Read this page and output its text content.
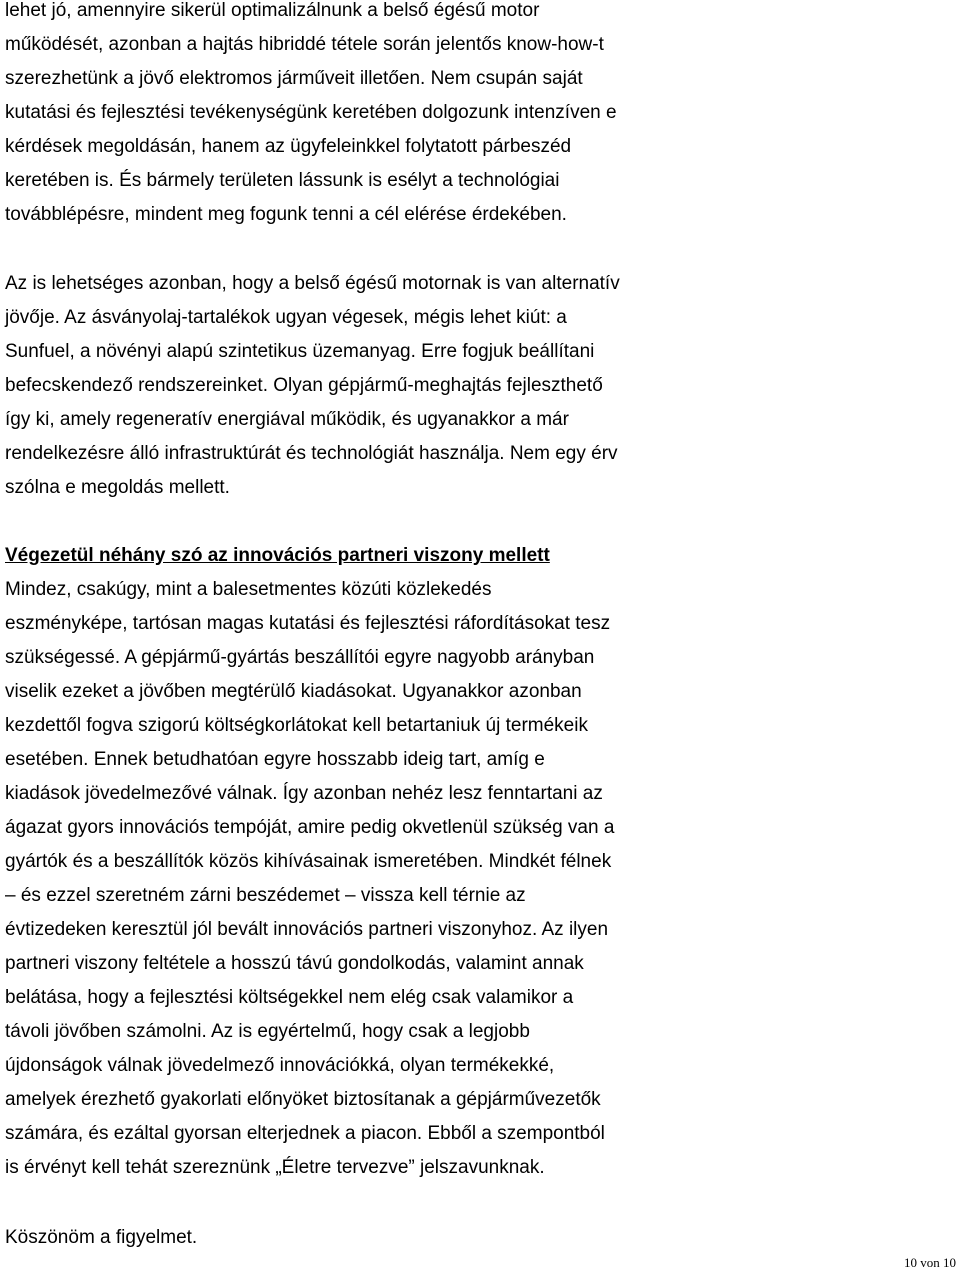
lehet jó, amennyire sikerül optimalizálnunk a belső égésű motor
működését, azonban a hajtás hibriddé tétele során jelentős know-how-t
szerezhetünk a jövő elektromos járműveit illetően. Nem csupán saját
kutatási és fejlesztési tevékenységünk keretében dolgozunk intenzíven e
kérdések megoldásán, hanem az ügyfeleinkkel folytatott párbeszéd
keretében is. És bármely területen lássunk is esélyt a technológiai
továbblépésre, mindent meg fogunk tenni a cél elérése érdekében.
Az is lehetséges azonban, hogy a belső égésű motornak is van alternatív
jövője. Az ásványolaj-tartalékok ugyan végesek, mégis lehet kiút: a
Sunfuel, a növényi alapú szintetikus üzemanyag. Erre fogjuk beállítani
befecskendező rendszereinket. Olyan gépjármű-meghajtás fejleszthető
így ki, amely regeneratív energiával működik, és ugyanakkor a már
rendelkezésre álló infrastruktúrát és technológiát használja. Nem egy érv
szólna e megoldás mellett.
Végezetül néhány szó az innovációs partneri viszony mellett
Mindez, csakúgy, mint a balesetmentes közúti közlekedés
eszményképe, tartósan magas kutatási és fejlesztési ráfordításokat tesz
szükségessé. A gépjármű-gyártás beszállítói egyre nagyobb arányban
viselik ezeket a jövőben megtérülő kiadásokat. Ugyanakkor azonban
kezdettől fogva szigorú költségkorlátokat kell betartaniuk új termékeik
esetében. Ennek betudhatóan egyre hosszabb ideig tart, amíg e
kiadások jövedelmezővé válnak. Így azonban nehéz lesz fenntartani az
ágazat gyors innovációs tempóját, amire pedig okvetlenül szükség van a
gyártók és a beszállítók közös kihívásainak ismeretében. Mindkét félnek
– és ezzel szeretném zárni beszédemet – vissza kell térnie az
évtizedeken keresztül jól bevált innovációs partneri viszonyhoz. Az ilyen
partneri viszony feltétele a hosszú távú gondolkodás, valamint annak
belátása, hogy a fejlesztési költségekkel nem elég csak valamikor a
távoli jövőben számolni. Az is egyértelmű, hogy csak a legjobb
újdonságok válnak jövedelmező innovációkká, olyan termékekké,
amelyek érezhető gyakorlati előnyöket biztosítanak a gépjárművezetők
számára, és ezáltal gyorsan elterjednek a piacon. Ebből a szempontból
is érvényt kell tehát szereznünk „Életre tervezve” jelszavunknak.
Köszönöm a figyelmet.
10 von 10
